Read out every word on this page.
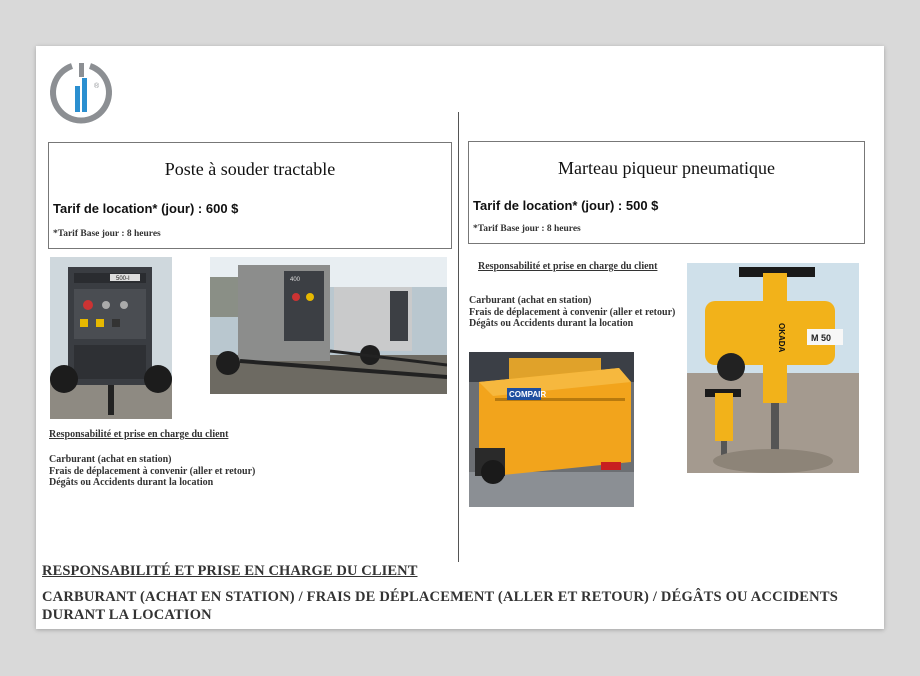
®
Poste à souder tractable
Tarif de location* (jour) : 600 $
*Tarif Base jour : 8 heures
500-I	400
Responsabilité et prise en charge du client
Carburant (achat en station)
Frais de déplacement à convenir (aller et retour)
Dégâts ou Accidents durant la location
Marteau piqueur pneumatique
Tarif de location* (jour) : 500 $
*Tarif Base jour : 8 heures
Responsabilité et prise en charge du client
Carburant (achat en station)
Frais de déplacement à convenir (aller et retour)
Dégâts ou Accidents durant la location
COMPAIR
M 50
OKADA
RESPONSABILITÉ ET PRISE EN CHARGE DU CLIENT
CARBURANT (ACHAT EN STATION) / FRAIS DE DÉPLACEMENT (ALLER ET RETOUR) / DÉGÂTS OU ACCIDENTS DURANT LA LOCATION
